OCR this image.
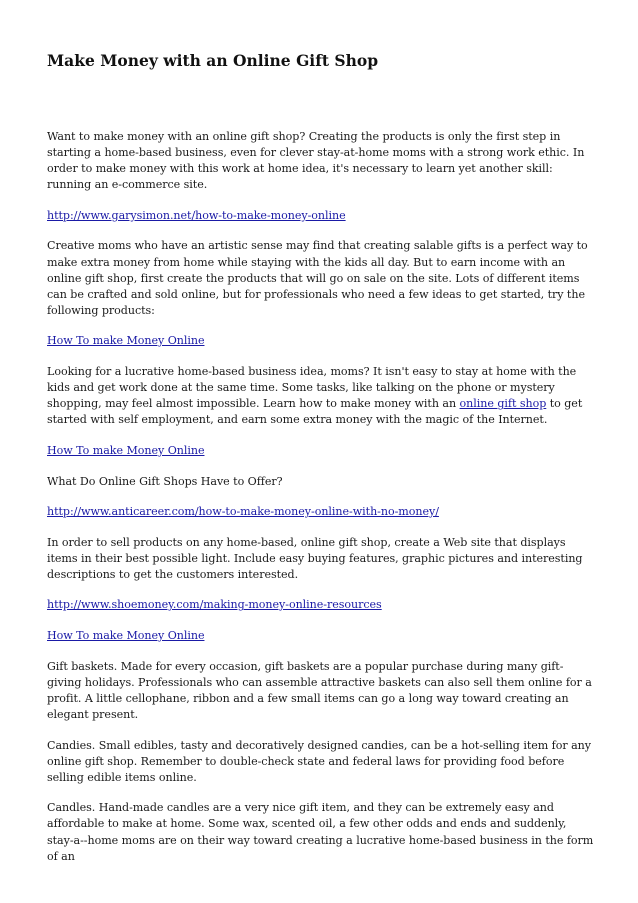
Make Money with an Online Gift Shop

Want to make money with an online gift shop? Creating the products is only the first step in starting a home-based business, even for clever stay-at-home moms with a strong work ethic. In order to make money with this work at home idea, it's necessary to learn yet another skill: running an e-commerce site.

http://www.garysimon.net/how-to-make-money-online

Creative moms who have an artistic sense may find that creating salable gifts is a perfect way to make extra money from home while staying with the kids all day. But to earn income with an online gift shop, first create the products that will go on sale on the site. Lots of different items can be crafted and sold online, but for professionals who need a few ideas to get started, try the following products:

How To make Money Online

Looking for a lucrative home-based business idea, moms? It isn't easy to stay at home with the kids and get work done at the same time. Some tasks, like talking on the phone or mystery shopping, may feel almost impossible. Learn how to make money with an online gift shop to get started with self employment, and earn some extra money with the magic of the Internet.

How To make Money Online

What Do Online Gift Shops Have to Offer?

http://www.anticareer.com/how-to-make-money-online-with-no-money/

In order to sell products on any home-based, online gift shop, create a Web site that displays items in their best possible light. Include easy buying features, graphic pictures and interesting descriptions to get the customers interested.

http://www.shoemoney.com/making-money-online-resources

How To make Money Online

Gift baskets. Made for every occasion, gift baskets are a popular purchase during many gift-giving holidays. Professionals who can assemble attractive baskets can also sell them online for a profit. A little cellophane, ribbon and a few small items can go a long way toward creating an elegant present.

Candies. Small edibles, tasty and decoratively designed candies, can be a hot-selling item for any online gift shop. Remember to double-check state and federal laws for providing food before selling edible items online.

Candles. Hand-made candles are a very nice gift item, and they can be extremely easy and affordable to make at home. Some wax, scented oil, a few other odds and ends and suddenly, stay-a--home moms are on their way toward creating a lucrative home-based business in the form of an
